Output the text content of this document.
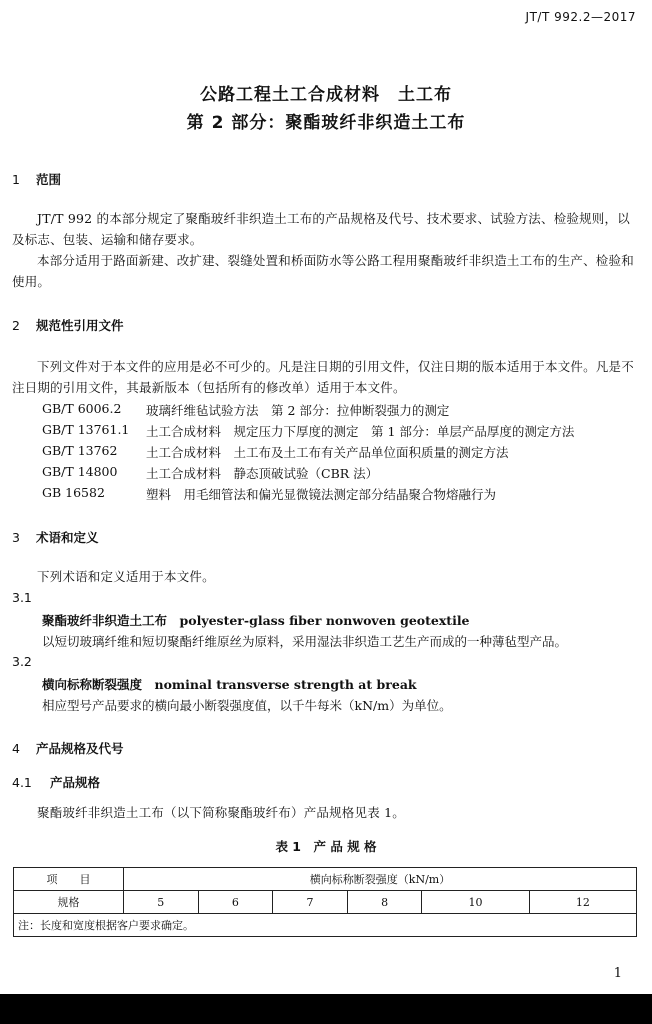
JT/T 992.2—2017
公路工程土工合成材料　土工布
第 2 部分：聚酯玻纤非织造土工布
1 范围
JT/T 992 的本部分规定了聚酯玻纤非织造土工布的产品规格及代号、技术要求、试验方法、检验规则，以及标志、包装、运输和储存要求。
本部分适用于路面新建、改扩建、裂缝处置和桥面防水等公路工程用聚酯玻纤非织造土工布的生产、检验和使用。
2 规范性引用文件
下列文件对于本文件的应用是必不可少的。凡是注日期的引用文件，仅注日期的版本适用于本文件。凡是不注日期的引用文件，其最新版本（包括所有的修改单）适用于本文件。
GB/T 6006.2 玻璃纤维毡试验方法　第 2 部分：拉伸断裂强力的测定
GB/T 13761.1 土工合成材料　规定压力下厚度的测定　第 1 部分：单层产品厚度的测定方法
GB/T 13762 土工合成材料　土工布及土工布有关产品单位面积质量的测定方法
GB/T 14800 土工合成材料　静态顶破试验（CBR 法）
GB 16582	塑料　用毛细管法和偏光显微镜法测定部分结晶聚合物熔融行为
3 术语和定义
下列术语和定义适用于本文件。
3.1
聚酯玻纤非织造土工布　polyester-glass fiber nonwoven geotextile
以短切玻璃纤维和短切聚酯纤维原丝为原料，采用湿法非织造工艺生产而成的一种薄毡型产品。
3.2
横向标称断裂强度　nominal transverse strength at break
相应型号产品要求的横向最小断裂强度值，以千牛每米（kN/m）为单位。
4 产品规格及代号
4.1 产品规格
聚酯玻纤非织造土工布（以下简称聚酯玻纤布）产品规格见表 1。
表 1　产 品 规 格
项　　目	横向标称断裂强度（kN/m）					
规格	5	6	7	8	10	12
注：长度和宽度根据客户要求确定。						
1
